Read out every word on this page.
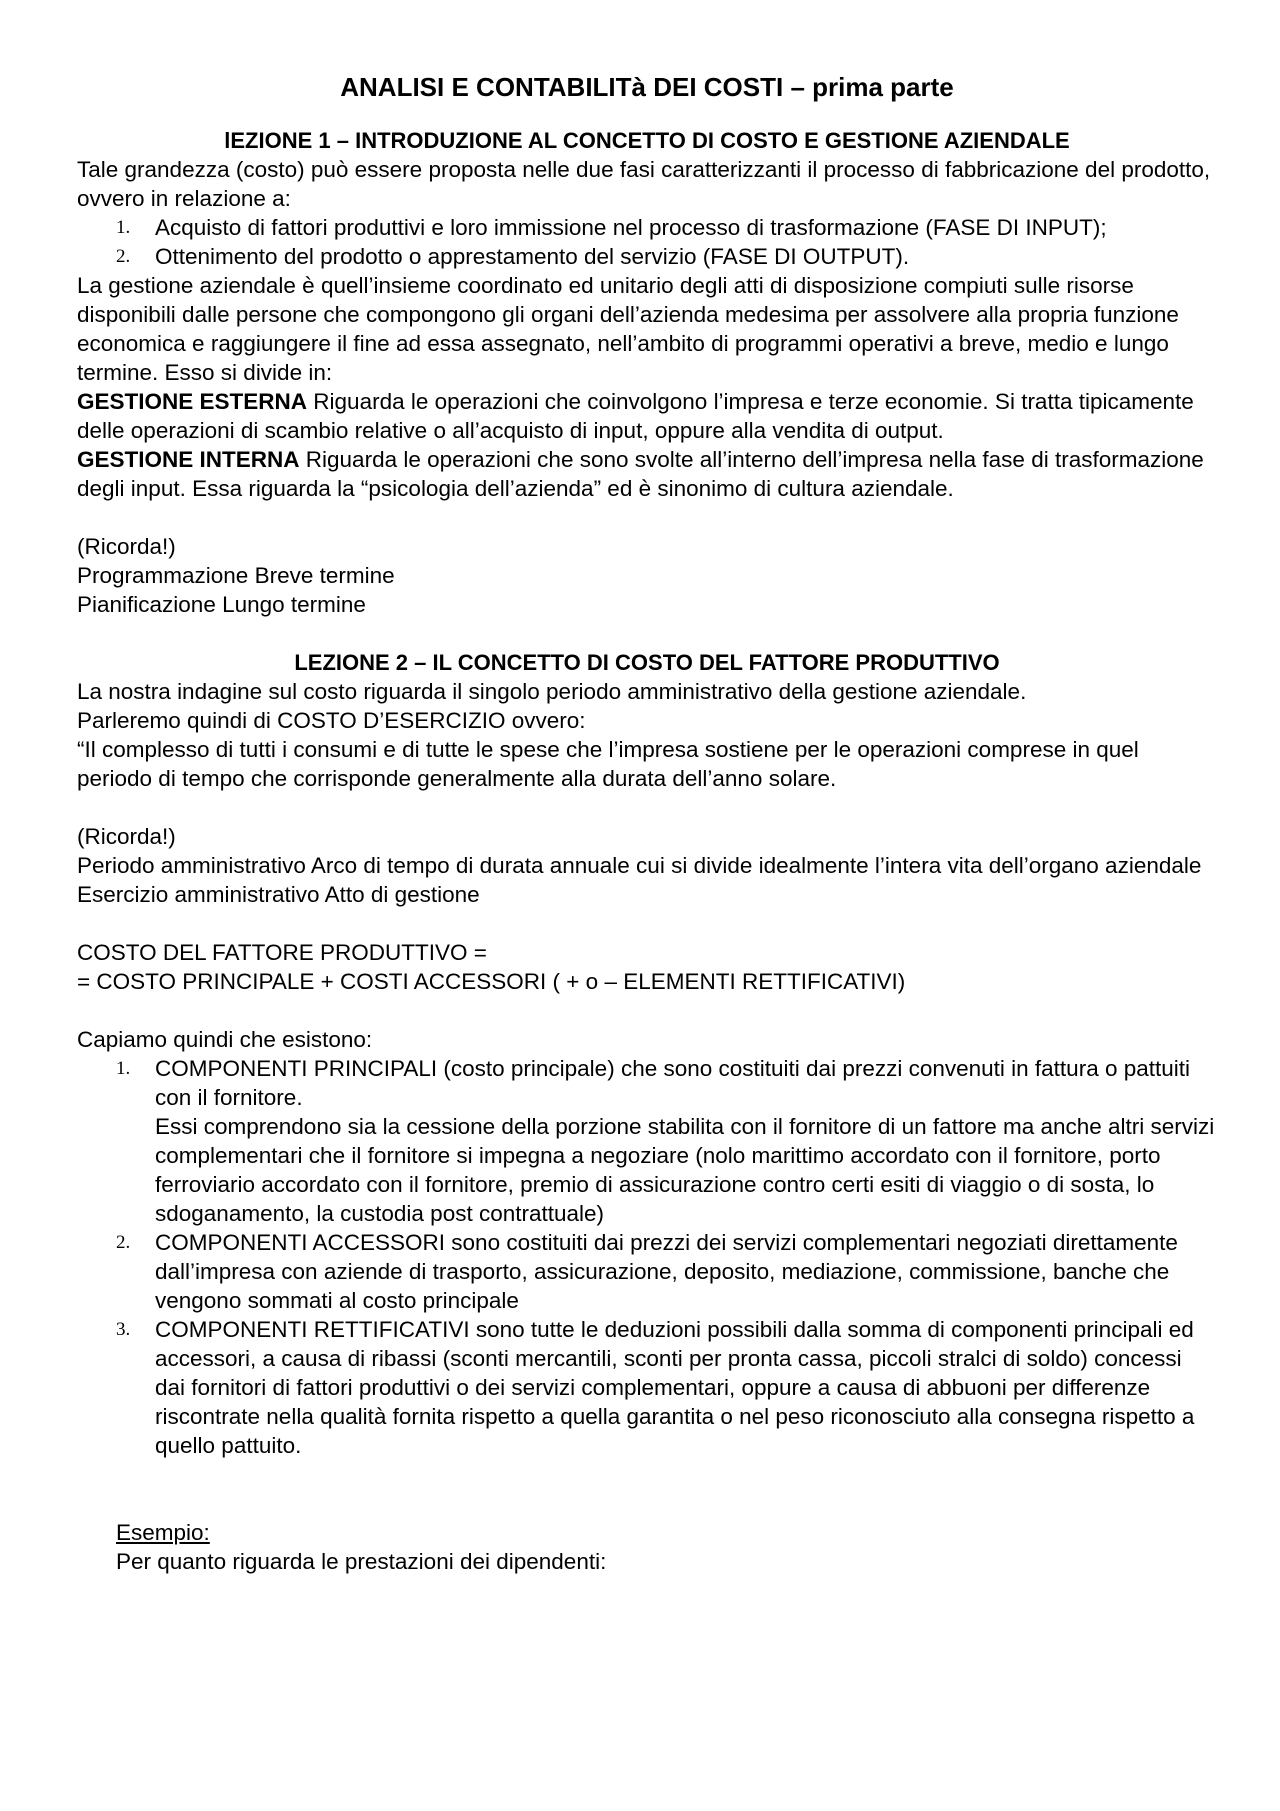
ANALISI E CONTABILITà DEI COSTI – prima parte
lEZIONE 1 – INTRODUZIONE AL CONCETTO DI COSTO E GESTIONE AZIENDALE

Tale grandezza (costo) può essere proposta nelle due fasi caratterizzanti il processo di fabbricazione del prodotto, ovvero in relazione a:

1. Acquisto di fattori produttivi e loro immissione nel processo di trasformazione (FASE DI INPUT);
2. Ottenimento del prodotto o apprestamento del servizio (FASE DI OUTPUT).

La gestione aziendale è quell’insieme coordinato ed unitario degli atti di disposizione compiuti sulle risorse disponibili dalle persone che compongono gli organi dell’azienda medesima per assolvere alla propria funzione economica e raggiungere il fine ad essa assegnato, nell’ambito di programmi operativi a breve, medio e lungo termine. Esso si divide in:

GESTIONE ESTERNA Riguarda le operazioni che coinvolgono l’impresa e terze economie. Si tratta tipicamente delle operazioni di scambio relative o all’acquisto di input, oppure alla vendita di output.

GESTIONE INTERNA Riguarda le operazioni che sono svolte all’interno dell’impresa nella fase di trasformazione degli input. Essa riguarda la “psicologia dell’azienda” ed è sinonimo di cultura aziendale.

(Ricorda!)

Programmazione Breve termine

Pianificazione Lungo termine

LEZIONE 2 – IL CONCETTO DI COSTO DEL FATTORE PRODUTTIVO

La nostra indagine sul costo riguarda il singolo periodo amministrativo della gestione aziendale.

Parleremo quindi di COSTO D’ESERCIZIO ovvero:

“Il complesso di tutti i consumi e di tutte le spese che l’impresa sostiene per le operazioni comprese in quel periodo di tempo che corrisponde generalmente alla durata dell’anno solare.

(Ricorda!)

Periodo amministrativo Arco di tempo di durata annuale cui si divide idealmente l’intera vita dell’organo aziendale

Esercizio amministrativo Atto di gestione

COSTO DEL FATTORE PRODUTTIVO =

= COSTO PRINCIPALE + COSTI ACCESSORI ( + o – ELEMENTI RETTIFICATIVI)

Capiamo quindi che esistono:

1. COMPONENTI PRINCIPALI (costo principale) che sono costituiti dai prezzi convenuti in fattura o pattuiti con il fornitore.
Essi comprendono sia la cessione della porzione stabilita con il fornitore di un fattore ma anche altri servizi complementari che il fornitore si impegna a negoziare (nolo marittimo accordato con il fornitore, porto ferroviario accordato con il fornitore, premio di assicurazione contro certi esiti di viaggio o di sosta, lo sdoganamento, la custodia post contrattuale)
2. COMPONENTI ACCESSORI sono costituiti dai prezzi dei servizi complementari negoziati direttamente dall’impresa con aziende di trasporto, assicurazione, deposito, mediazione, commissione, banche che vengono sommati al costo principale
3. COMPONENTI RETTIFICATIVI sono tutte le deduzioni possibili dalla somma di componenti principali ed accessori, a causa di ribassi (sconti mercantili, sconti per pronta cassa, piccoli stralci di soldo) concessi dai fornitori di fattori produttivi o dei servizi complementari, oppure a causa di abbuoni per differenze riscontrate nella qualità fornita rispetto a quella garantita o nel peso riconosciuto alla consegna rispetto a quello pattuito.

Esempio:

Per quanto riguarda le prestazioni dei dipendenti:
